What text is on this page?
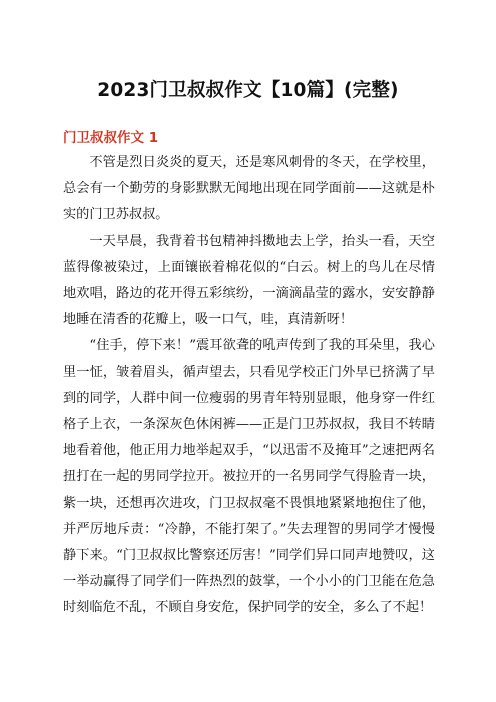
2023门卫叔叔作文【10篇】(完整)
门卫叔叔作文 1

不管是烈日炎炎的夏天，还是寒风刺骨的冬天，在学校里，总会有一个勤劳的身影默默无闻地出现在同学面前——这就是朴实的门卫苏叔叔。

一天早晨，我背着书包精神抖擞地去上学，抬头一看，天空蓝得像被染过，上面镶嵌着棉花似的“白云。树上的鸟儿在尽情地欢唱，路边的花开得五彩缤纷，一滴滴晶莹的露水，安安静静地睡在清香的花瓣上，吸一口气，哇，真清新呀！

“住手，停下来！”震耳欲聋的吼声传到了我的耳朵里，我心里一怔，皱着眉头，循声望去，只看见学校正门外早已挤满了早到的同学，人群中间一位瘦弱的男青年特别显眼，他身穿一件红格子上衣，一条深灰色休闲裤——正是门卫苏叔叔，我目不转睛地看着他，他正用力地举起双手，“以迅雷不及掩耳”之速把两名扭打在一起的男同学拉开。被拉开的一名男同学气得脸青一块，紫一块，还想再次进攻，门卫叔叔毫不畏惧地紧紧地抱住了他，并严厉地斥责：“冷静，不能打架了。”失去理智的男同学才慢慢 静下来。“门卫叔叔比警察还厉害！”同学们异口同声地赞叹，这一举动赢得了同学们一阵热烈的鼓掌，一个小小的门卫能在危急时刻临危不乱，不顾自身安危，保护同学的安全，多么了不起！
